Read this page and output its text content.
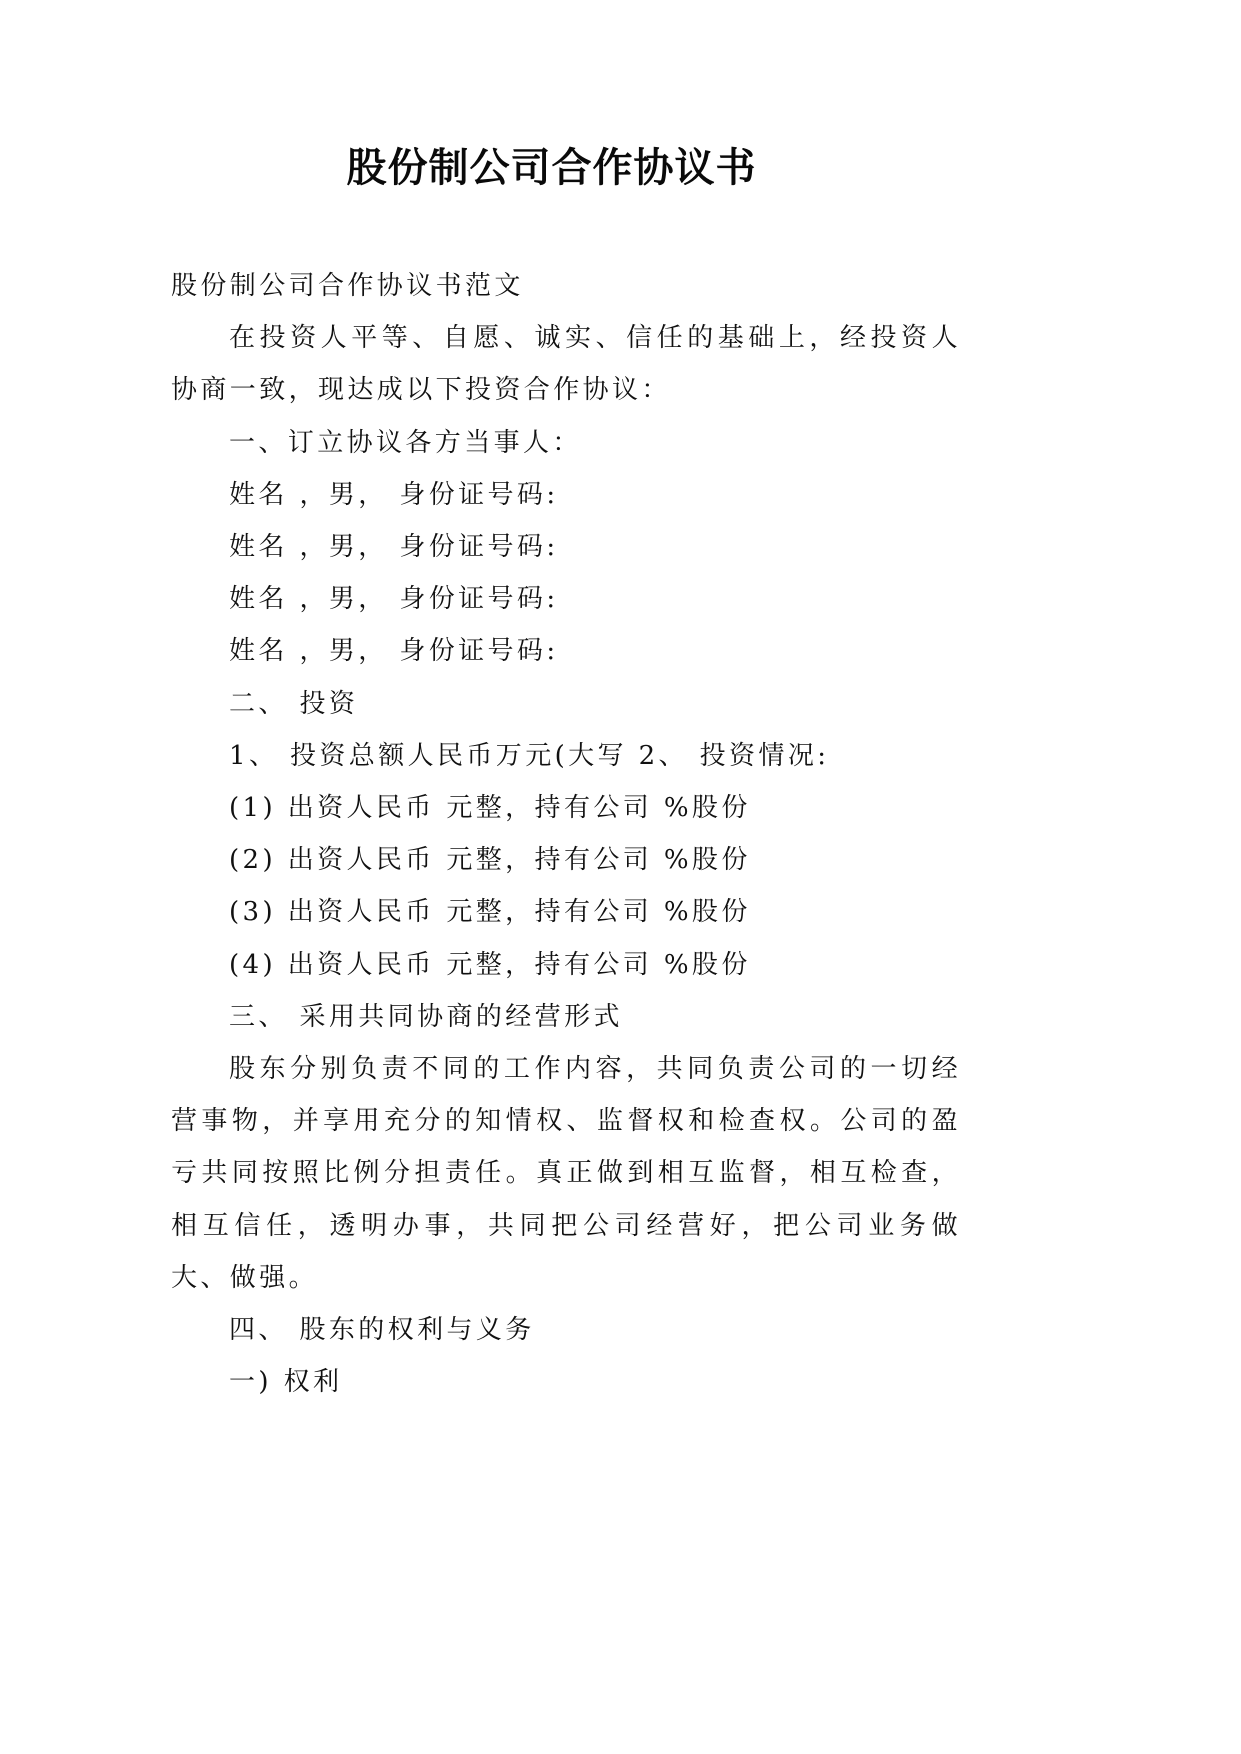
股份制公司合作协议书
股份制公司合作协议书范文
在投资人平等、自愿、诚实、信任的基础上，经投资人协商一致，现达成以下投资合作协议：
一、订立协议各方当事人：
姓名 ，男， 身份证号码:
姓名 ，男， 身份证号码:
姓名 ，男， 身份证号码:
姓名 ，男， 身份证号码:
二、 投资
1、 投资总额人民币万元(大写 2、 投资情况:
(1) 出资人民币 元整，持有公司 %股份
(2) 出资人民币 元整，持有公司 %股份
(3) 出资人民币 元整，持有公司 %股份
(4) 出资人民币 元整，持有公司 %股份
三、 采用共同协商的经营形式
股东分别负责不同的工作内容，共同负责公司的一切经营事物，并享用充分的知情权、监督权和检查权。公司的盈亏共同按照比例分担责任。真正做到相互监督，相互检查，相互信任，透明办事，共同把公司经营好，把公司业务做大、做强。
四、 股东的权利与义务
一) 权利
